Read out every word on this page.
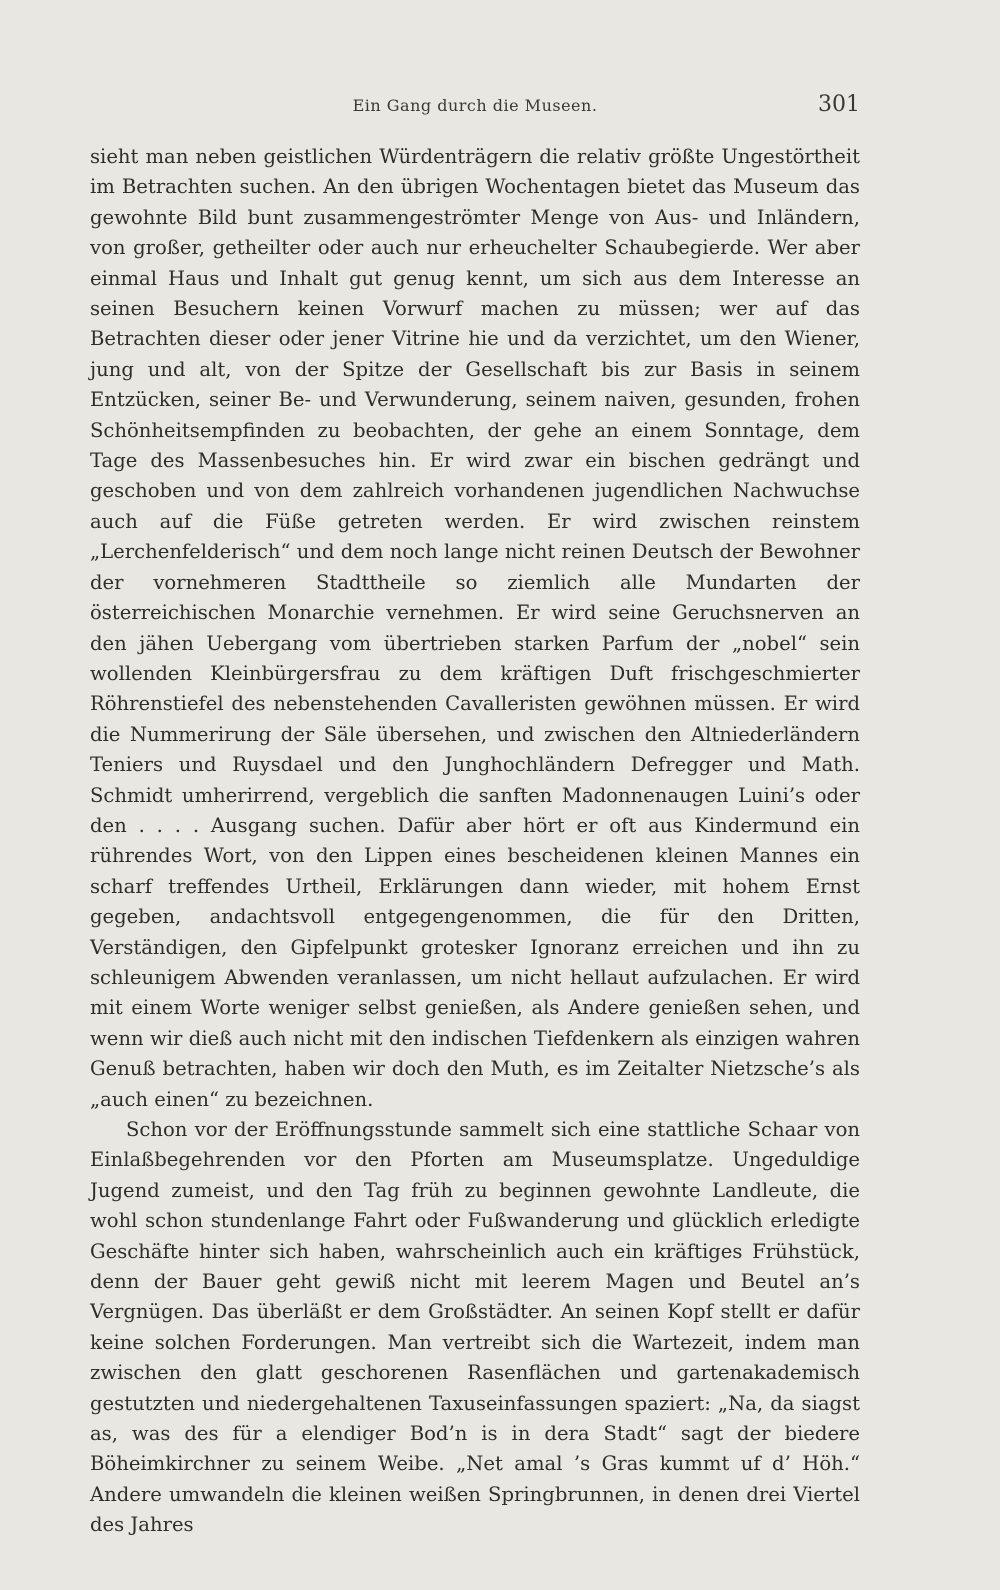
Ein Gang durch die Museen.	301

sieht man neben geistlichen Würdenträgern die relativ größte Ungestörtheit im Betrachten suchen. An den übrigen Wochentagen bietet das Museum das gewohnte Bild bunt zusammengeströmter Menge von Aus- und Inländern, von großer, getheilter oder auch nur erheuchelter Schaubegierde. Wer aber einmal Haus und Inhalt gut genug kennt, um sich aus dem Interesse an seinen Besuchern keinen Vorwurf machen zu müssen; wer auf das Betrachten dieser oder jener Vitrine hie und da verzichtet, um den Wiener, jung und alt, von der Spitze der Gesellschaft bis zur Basis in seinem Entzücken, seiner Be- und Verwunderung, seinem naiven, gesunden, frohen Schönheitsempfinden zu beobachten, der gehe an einem Sonntage, dem Tage des Massenbesuches hin. Er wird zwar ein bischen gedrängt und geschoben und von dem zahlreich vorhandenen jugendlichen Nachwuchse auch auf die Füße getreten werden. Er wird zwischen reinstem „Lerchenfelderisch“ und dem noch lange nicht reinen Deutsch der Bewohner der vornehmeren Stadttheile so ziemlich alle Mundarten der österreichischen Monarchie vernehmen. Er wird seine Geruchsnerven an den jähen Uebergang vom übertrieben starken Parfum der „nobel“ sein wollenden Kleinbürgersfrau zu dem kräftigen Duft frischgeschmierter Röhrenstiefel des nebenstehenden Cavalleristen gewöhnen müssen. Er wird die Nummerirung der Säle übersehen, und zwischen den Altniederländern Teniers und Ruysdael und den Junghochländern Defregger und Math. Schmidt umherirrend, vergeblich die sanften Madonnenaugen Luini’s oder den . . . . Ausgang suchen. Dafür aber hört er oft aus Kindermund ein rührendes Wort, von den Lippen eines bescheidenen kleinen Mannes ein scharf treffendes Urtheil, Erklärungen dann wieder, mit hohem Ernst gegeben, andachtsvoll entgegengenommen, die für den Dritten, Verständigen, den Gipfelpunkt grotesker Ignoranz erreichen und ihn zu schleunigem Abwenden veranlassen, um nicht hellaut aufzulachen. Er wird mit einem Worte weniger selbst genießen, als Andere genießen sehen, und wenn wir dieß auch nicht mit den indischen Tiefdenkern als einzigen wahren Genuß betrachten, haben wir doch den Muth, es im Zeitalter Nietzsche’s als „auch einen“ zu bezeichnen.

Schon vor der Eröffnungsstunde sammelt sich eine stattliche Schaar von Einlaßbegehrenden vor den Pforten am Museumsplatze. Ungeduldige Jugend zumeist, und den Tag früh zu beginnen gewohnte Landleute, die wohl schon stundenlange Fahrt oder Fußwanderung und glücklich erledigte Geschäfte hinter sich haben, wahrscheinlich auch ein kräftiges Frühstück, denn der Bauer geht gewiß nicht mit leerem Magen und Beutel an’s Vergnügen. Das überläßt er dem Großstädter. An seinen Kopf stellt er dafür keine solchen Forderungen. Man vertreibt sich die Wartezeit, indem man zwischen den glatt geschorenen Rasenflächen und gartenakademisch gestutzten und niedergehaltenen Taxuseinfassungen spaziert: „Na, da siagst as, was des für a elendiger Bod’n is in dera Stadt“ sagt der biedere Böheimkirchner zu seinem Weibe. „Net amal ’s Gras kummt uf d’ Höh.“ Andere umwandeln die kleinen weißen Springbrunnen, in denen drei Viertel des Jahres
